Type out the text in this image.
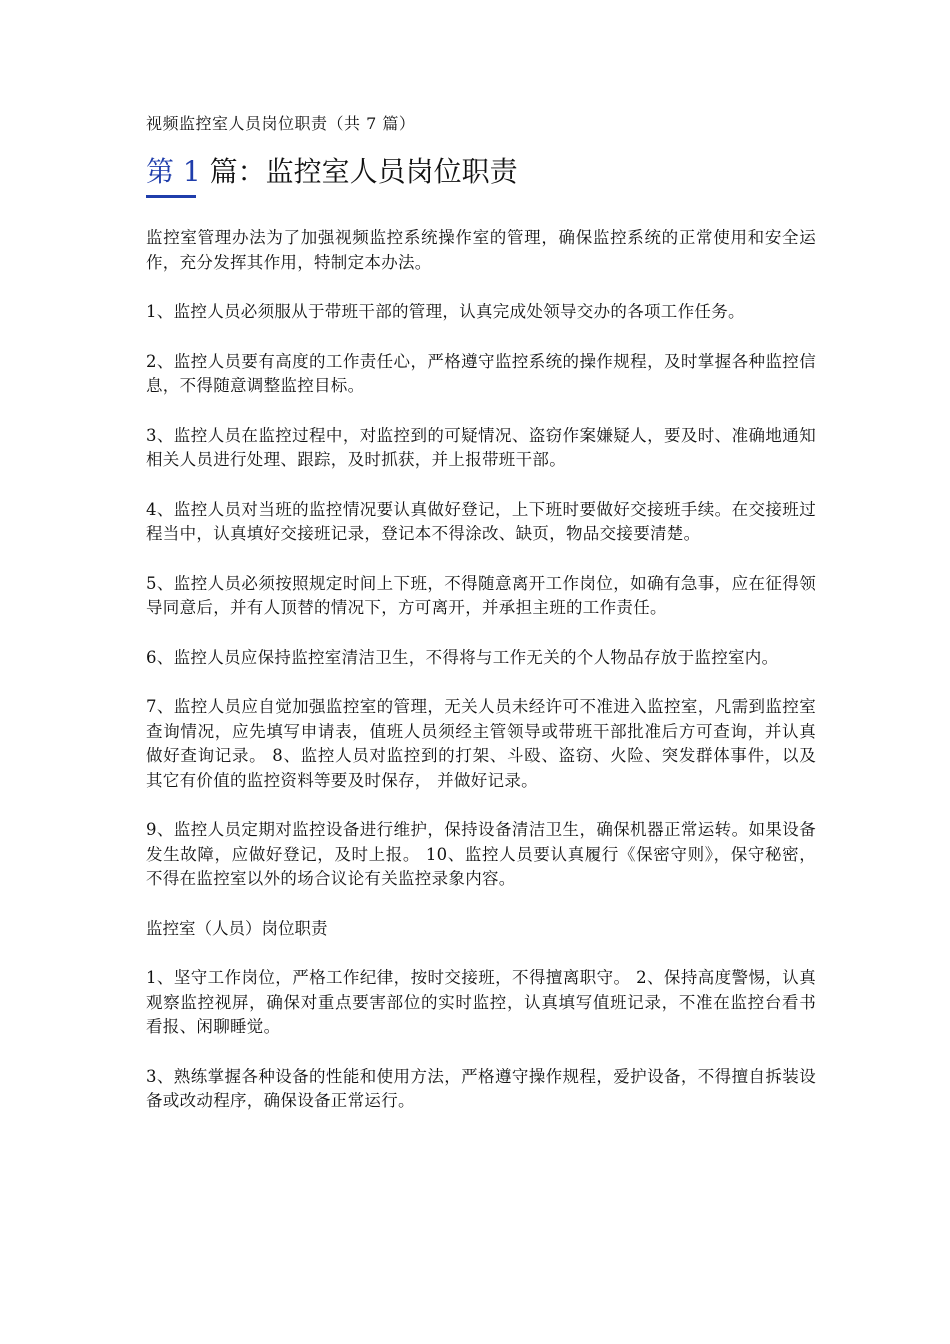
视频监控室人员岗位职责（共 7 篇）
第 1 篇：监控室人员岗位职责

监控室管理办法为了加强视频监控系统操作室的管理，确保监控系统的正常使用和安全运作，充分发挥其作用，特制定本办法。

1、监控人员必须服从于带班干部的管理，认真完成处领导交办的各项工作任务。

2、监控人员要有高度的工作责任心，严格遵守监控系统的操作规程，及时掌握各种监控信息，不得随意调整监控目标。

3、监控人员在监控过程中，对监控到的可疑情况、盗窃作案嫌疑人，要及时、准确地通知相关人员进行处理、跟踪，及时抓获，并上报带班干部。

4、监控人员对当班的监控情况要认真做好登记，上下班时要做好交接班手续。在交接班过程当中，认真填好交接班记录，登记本不得涂改、缺页，物品交接要清楚。

5、监控人员必须按照规定时间上下班，不得随意离开工作岗位，如确有急事，应在征得领导同意后，并有人顶替的情况下，方可离开，并承担主班的工作责任。

6、监控人员应保持监控室清洁卫生，不得将与工作无关的个人物品存放于监控室内。

7、监控人员应自觉加强监控室的管理，无关人员未经许可不准进入监控室，凡需到监控室查询情况，应先填写申请表，值班人员须经主管领导或带班干部批准后方可查询，并认真做好查询记录。 8、监控人员对监控到的打架、斗殴、盗窃、火险、突发群体事件，以及其它有价值的监控资料等要及时保存， 并做好记录。

9、监控人员定期对监控设备进行维护，保持设备清洁卫生，确保机器正常运转。如果设备发生故障，应做好登记，及时上报。 10、监控人员要认真履行《保密守则》，保守秘密，不得在监控室以外的场合议论有关监控录象内容。

监控室（人员）岗位职责

1、坚守工作岗位，严格工作纪律，按时交接班，不得擅离职守。 2、保持高度警惕，认真观察监控视屏，确保对重点要害部位的实时监控，认真填写值班记录，不准在监控台看书看报、闲聊睡觉。

3、熟练掌握各种设备的性能和使用方法，严格遵守操作规程，爱护设备，不得擅自拆装设备或改动程序，确保设备正常运行。
